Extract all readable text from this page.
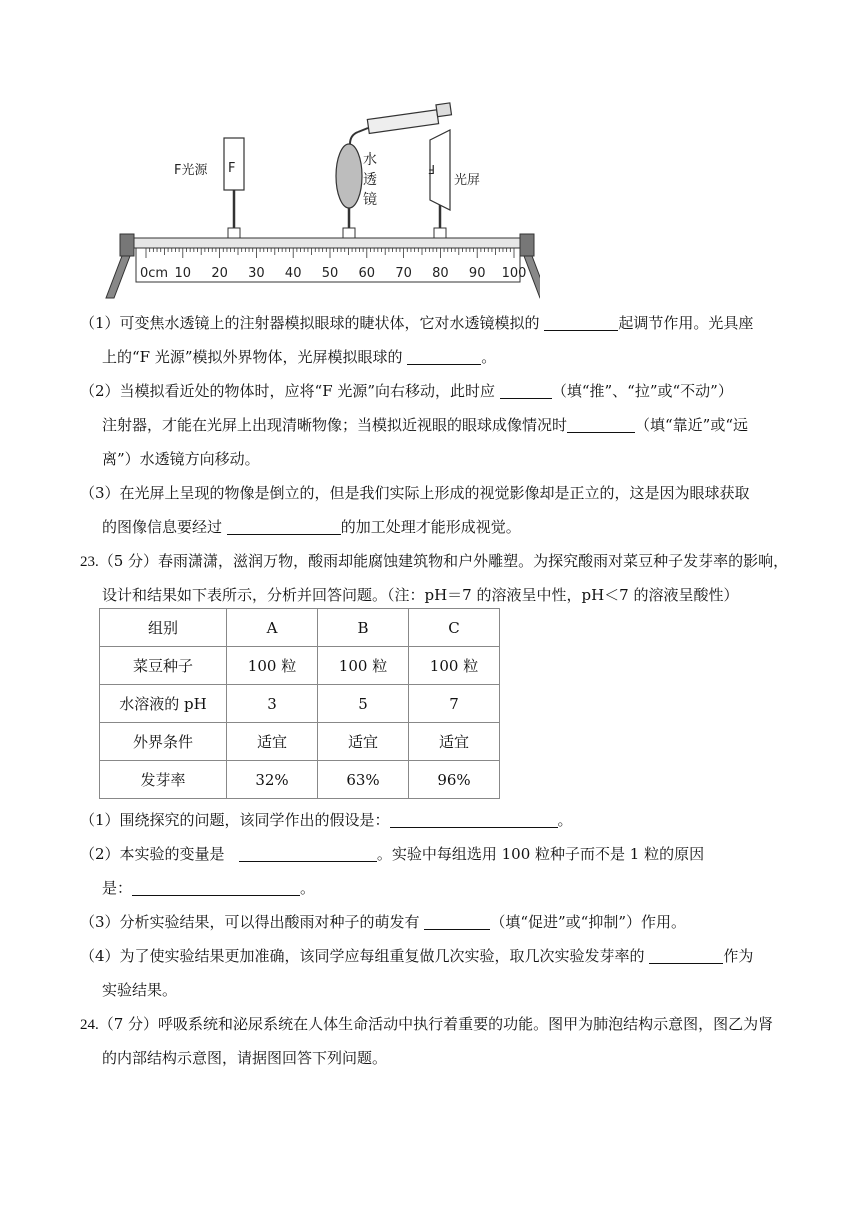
水
透
镜
F
F光源	F
光屏
0cm 10 20 30 40 50 60 70 80 90 100
（1）可变焦水透镜上的注射器模拟眼球的睫状体，它对水透镜模拟的	起调节作用。光具座
上的“F 光源”模拟外界物体，光屏模拟眼球的	。
（2）当模拟看近处的物体时，应将“F 光源”向右移动，此时应	（填“推”、“拉”或“不动”）
注射器，才能在光屏上出现清晰物像；当模拟近视眼的眼球成像情况时	（填“靠近”或“远
离”）水透镜方向移动。
（3）在光屏上呈现的物像是倒立的，但是我们实际上形成的视觉影像却是正立的，这是因为眼球获取
的图像信息要经过	的加工处理才能形成视觉。
23.（5 分）春雨潇潇，滋润万物，酸雨却能腐蚀建筑物和户外雕塑。为探究酸雨对菜豆种子发芽率的影响，
设计和结果如下表所示，分析并回答问题。（注：pH＝7 的溶液呈中性，pH＜7 的溶液呈酸性）
组别	A	B	C
菜豆种子	100 粒	100 粒	100 粒
水溶液的 pH	3	5	7
外界条件	适宜	适宜	适宜
发芽率	32%	63%	96%
（1）围绕探究的问题，该同学作出的假设是：	。
（2）本实验的变量是	。实验中每组选用 100 粒种子而不是 1 粒的原因
是：	。
（3）分析实验结果，可以得出酸雨对种子的萌发有	（填“促进”或“抑制”）作用。
（4）为了使实验结果更加准确，该同学应每组重复做几次实验，取几次实验发芽率的	作为
实验结果。
24.（7 分）呼吸系统和泌尿系统在人体生命活动中执行着重要的功能。图甲为肺泡结构示意图，图乙为肾
的内部结构示意图，请据图回答下列问题。
